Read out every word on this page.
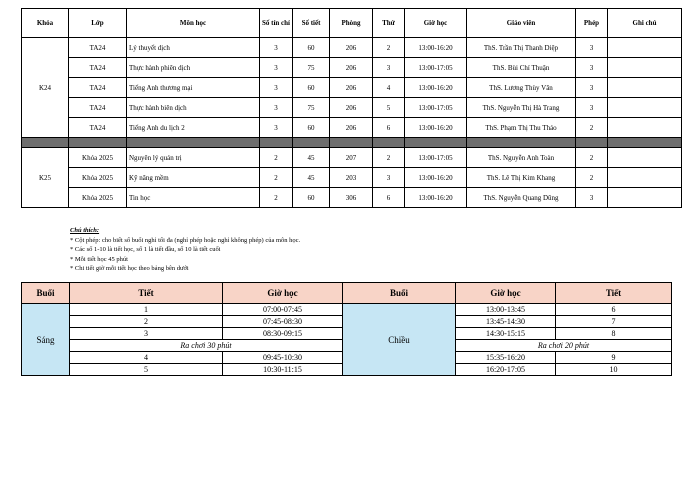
Khóa	Lớp	Môn học	Số tín chỉ	Số tiết	Phòng	Thứ	Giờ học	Giáo viên	Phép	Ghi chú
K24	TA24	Lý thuyết dịch	3	60	206	2	13:00-16:20	ThS. Trần Thị Thanh Diệp	3	
	TA24	Thực hành phiên dịch	3	75	206	3	13:00-17:05	ThS. Bùi Chí Thuận	3	
	TA24	Tiếng Anh thương mại	3	60	206	4	13:00-16:20	ThS. Lương Thùy Vân	3	
	TA24	Thực hành biên dịch	3	75	206	5	13:00-17:05	ThS. Nguyễn Thị Hà Trang	3	
	TA24	Tiếng Anh du lịch 2	3	60	206	6	13:00-16:20	ThS. Phạm Thị Thu Thảo	2	

K25	Khóa 2025	Nguyên lý quản trị	2	45	207	2	13:00-17:05	ThS. Nguyễn Anh Toàn	2	
	Khóa 2025	Kỹ năng mềm	2	45	203	3	13:00-16:20	ThS. Lê Thị Kim Khang	2	
	Khóa 2025	Tin học	2	60	306	6	13:00-16:20	ThS. Nguyễn Quang Dũng	3	
Chú thích:
* Cột phép: cho biết số buổi nghỉ tối đa (nghỉ phép hoặc nghỉ không phép) của môn học.
* Các số 1-10 là tiết học, số 1 là tiết đầu, số 10 là tiết cuối
* Mỗi tiết học 45 phút
* Chi tiết giờ mỗi tiết học theo bảng bên dưới
Buổi	Tiết	Giờ học	Buổi	Giờ học	Tiết
Sáng	1	07:00-07:45	Chiều	13:00-13:45	6
	2	07:45-08:30		13:45-14:30	7
	3	08:30-09:15		14:30-15:15	8
	Ra chơi 30 phút			Ra chơi 20 phút	
	4	09:45-10:30		15:35-16:20	9
	5	10:30-11:15		16:20-17:05	10
